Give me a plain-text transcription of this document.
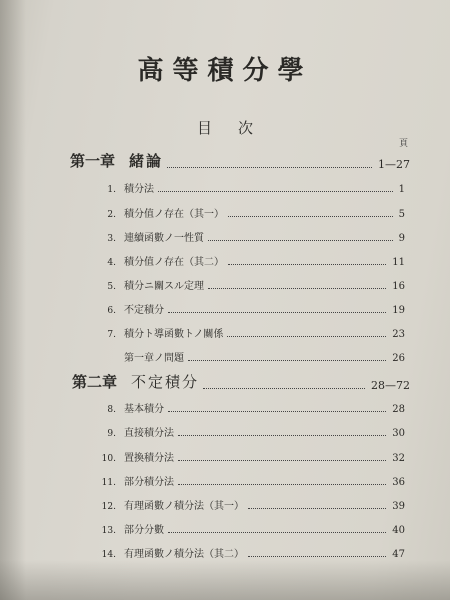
高等積分學
目次
頁
第一章 緒論	1—27
1. 積分法	1
2. 積分值ノ存在（其一）	5
3. 連續函數ノ一性質	9
4. 積分值ノ存在（其二）	11
5. 積分ニ關スル定理	16
6. 不定積分	19
7. 積分ト導函數トノ關係	23
第一章ノ問題	26
第二章 不定積分	28—72
8. 基本積分	28
9. 直接積分法	30
10. 置換積分法	32
11. 部分積分法	36
12. 有理函數ノ積分法（其一）	39
13. 部分分數	40
14. 有理函數ノ積分法（其二）	47
